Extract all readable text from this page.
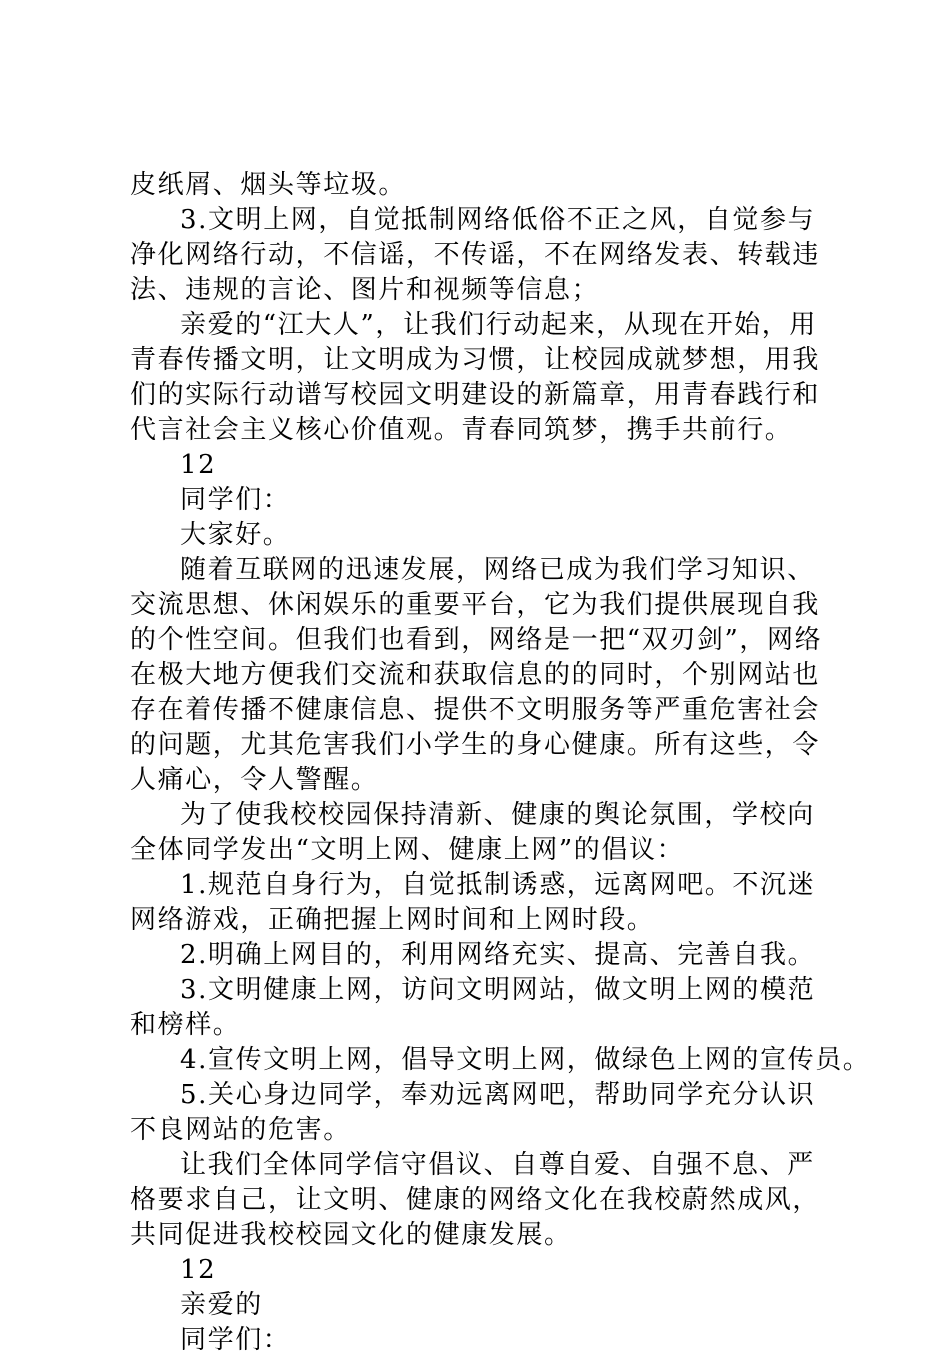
皮纸屑、烟头等垃圾。

3.文明上网，自觉抵制网络低俗不正之风，自觉参与净化网络行动，不信谣，不传谣，不在网络发表、转载违法、违规的言论、图片和视频等信息；

亲爱的“江大人”，让我们行动起来，从现在开始，用青春传播文明，让文明成为习惯，让校园成就梦想，用我们的实际行动谱写校园文明建设的新篇章，用青春践行和代言社会主义核心价值观。青春同筑梦，携手共前行。

12

同学们：

大家好。

随着互联网的迅速发展，网络已成为我们学习知识、交流思想、休闲娱乐的重要平台，它为我们提供展现自我的个性空间。但我们也看到，网络是一把“双刃剑”，网络在极大地方便我们交流和获取信息的的同时，个别网站也存在着传播不健康信息、提供不文明服务等严重危害社会的问题，尤其危害我们小学生的身心健康。所有这些，令人痛心，令人警醒。

为了使我校校园保持清新、健康的舆论氛围，学校向全体同学发出“文明上网、健康上网”的倡议：

1.规范自身行为，自觉抵制诱惑，远离网吧。不沉迷网络游戏，正确把握上网时间和上网时段。

2.明确上网目的，利用网络充实、提高、完善自我。

3.文明健康上网，访问文明网站，做文明上网的模范和榜样。

4.宣传文明上网，倡导文明上网，做绿色上网的宣传员。

5.关心身边同学，奉劝远离网吧，帮助同学充分认识不良网站的危害。

让我们全体同学信守倡议、自尊自爱、自强不息、严格要求自己，让文明、健康的网络文化在我校蔚然成风，共同促进我校校园文化的健康发展。

12

亲爱的

同学们：
